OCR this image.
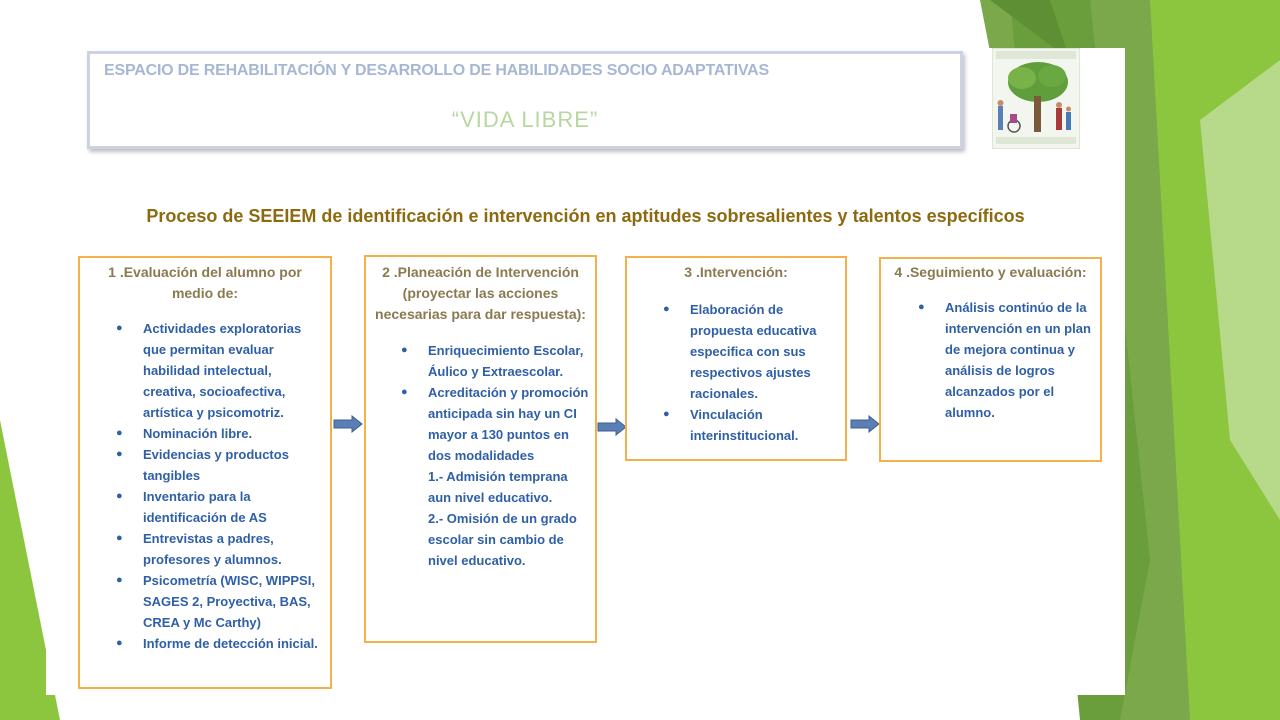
ESPACIO DE REHABILITACIÓN Y DESARROLLO DE HABILIDADES SOCIO ADAPTATIVAS
“VIDA LIBRE”
Proceso de SEEIEM de identificación e intervención en aptitudes sobresalientes y talentos específicos
1 .Evaluación del alumno por medio de:
● Actividades exploratorias que permitan evaluar habilidad intelectual, creativa, socioafectiva, artística y psicomotriz.
● Nominación libre.
● Evidencias y productos tangibles
● Inventario para la identificación de AS
● Entrevistas a padres, profesores y alumnos.
● Psicometría (WISC, WIPPSI, SAGES 2, Proyectiva, BAS, CREA y Mc Carthy)
● Informe de detección inicial.
2 .Planeación de Intervención (proyectar las acciones necesarias para dar respuesta):
● Enriquecimiento Escolar, Áulico y Extraescolar.
● Acreditación y promoción anticipada sin hay un CI mayor a 130 puntos en dos modalidades
1.- Admisión temprana aun nivel educativo.
2.- Omisión de un grado escolar sin cambio de nivel educativo.
3 .Intervención:
● Elaboración de propuesta educativa especifica con sus respectivos ajustes racionales.
● Vinculación interinstitucional.
4 .Seguimiento y evaluación:
● Análisis continúo de la intervención en un plan de mejora continua y análisis de logros alcanzados por el alumno.
